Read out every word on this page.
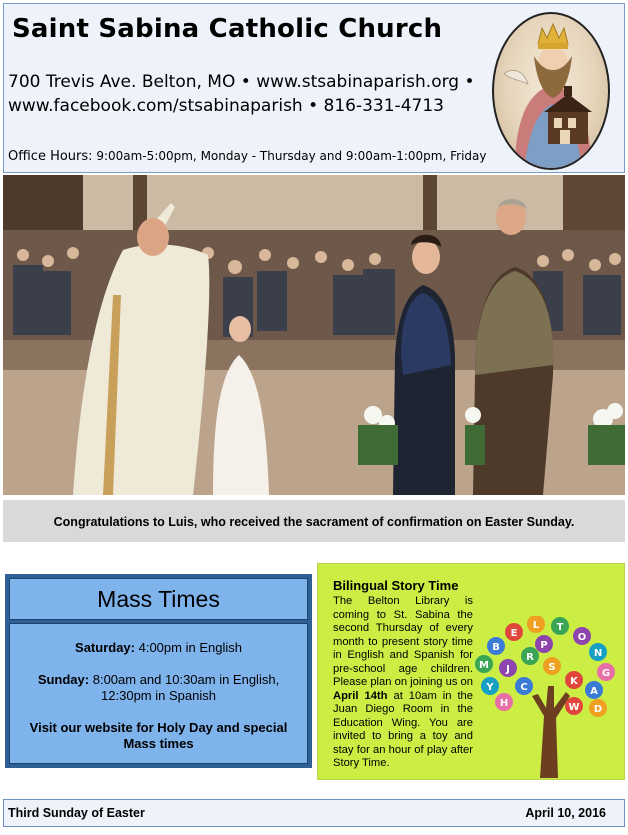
Saint Sabina Catholic Church
700 Trevis Ave. Belton, MO • www.stsabinaparish.org •
www.facebook.com/stsabinaparish • 816-331-4713
Office Hours: 9:00am-5:00pm, Monday - Thursday and 9:00am-1:00pm, Friday
Congratulations to Luis, who received the sacrament of confirmation on Easter Sunday.
Mass Times
Saturday: 4:00pm in English
Sunday: 8:00am and 10:30am in English,
12:30pm in Spanish
Visit our website for Holy Day and special
Mass times
Bilingual Story Time
The Belton Library is coming to St. Sabina the second Thursday of every month to present story time in English and Spanish for pre-school age children. Please plan on joining us on April 14th at 10am in the Juan Diego Room in the Education Wing. You are invited to bring a toy and stay for an hour of play after Story Time.
B
E
L T
O
N
G
A
K
S
R
J
Y
H
C
W D
M
P
Third Sunday of Easter	April 10, 2016
